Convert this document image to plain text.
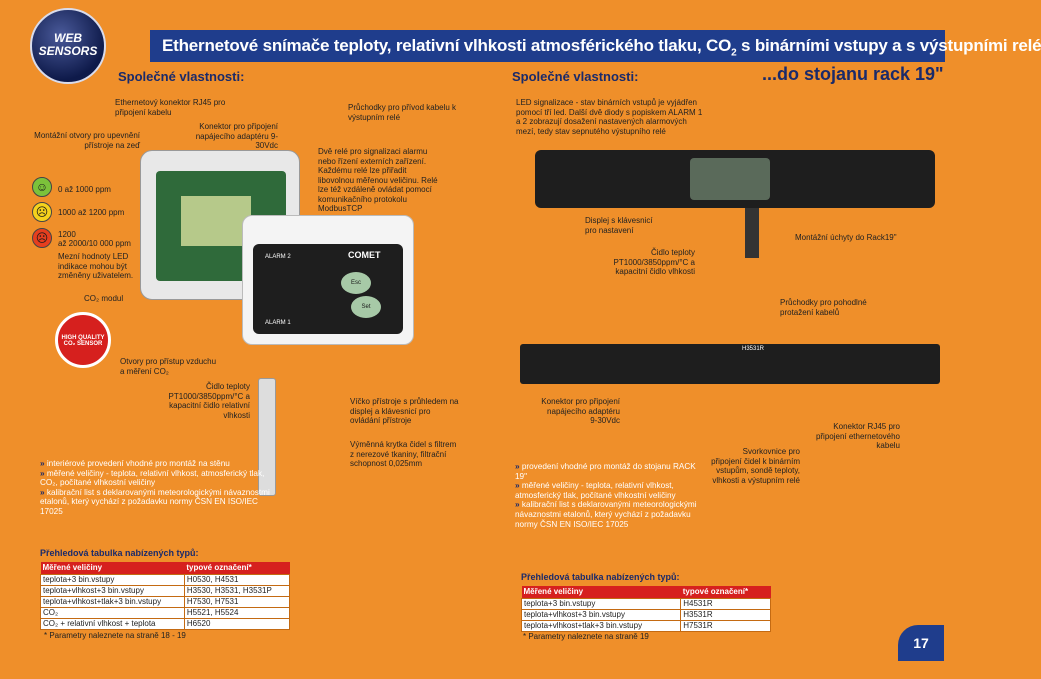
WEB
SENSORS	Ethernetové snímače teploty, relativní vlhkosti atmosférického tlaku, $CO_2$ s binárními vstupy a s výstupními relé
Společné vlastnosti:	Společné vlastnosti:	...do stojanu rack 19"
Ethernetový konektor RJ45 pro připojení kabelu
Konektor pro připojení napájecího adaptéru 9-30Vdc
Průchodky pro přívod kabelu k výstupním relé
Montážní otvory pro upevnění přístroje na zeď
☺	0 až 1000 ppm
☹	1000 až 1200 ppm
☹	1200
až 2000/10 000 ppm
Mezní hodnoty LED indikace mohou být změněny uživatelem.
Dvě relé pro signalizaci alarmu nebo řízení externích zařízení. Každému relé lze přiřadit libovolnou měřenou veličinu. Relé lze též vzdáleně ovládat pomocí komunikačního protokolu ModbusTCP
CO₂ modul
HIGH QUALITY CO₂ SENSOR
Otvory pro přístup vzduchu a měření CO₂
Čidlo teploty PT1000/3850ppm/°C a kapacitní čidlo relativní vlhkosti
Víčko přístroje s průhledem na displej a klávesnicí pro ovládání přístroje
Výměnná krytka čidel s filtrem z nerezové tkaniny, filtrační schopnost 0,025mm
ALARM 2
ALARM 1
COMET
Esc
Set
» interiérové provedení vhodné pro montáž na stěnu
» měřené veličiny - teplota, relativní vlhkost, atmosferický tlak, CO₂, počítané vlhkostní veličiny
» kalibrační list s deklarovanými meteorologickými návaznostmi etalonů, který vychází z požadavku normy ČSN EN ISO/IEC 17025
Přehledová tabulka nabízených typů:
Měřené veličiny	typové označení*
teplota+3 bin.vstupy	H0530, H4531
teplota+vlhkost+3 bin.vstupy	H3530, H3531, H3531P
teplota+vlhkost+tlak+3 bin.vstupy	H7530, H7531
CO₂	H5521, H5524
CO₂ + relativní vlhkost + teplota	H6520
* Parametry naleznete na straně 18 - 19
LED signalizace - stav binárních vstupů je vyjádřen pomocí tří led. Další dvě diody s popiskem ALARM 1 a 2 zobrazují dosažení nastavených alarmových mezí, tedy stav sepnutého výstupního relé
Displej s klávesnicí pro nastavení
Montážní úchyty do Rack19"
Čidlo teploty PT1000/3850ppm/°C a kapacitní čidlo vlhkosti
Průchodky pro pohodlné protažení kabelů
Konektor pro připojení napájecího adaptéru 9-30Vdc
Konektor RJ45 pro připojení ethernetového kabelu
Svorkovnice pro připojení čidel k binárním vstupům, sondě teploty, vlhkosti a výstupním relé
H3531R
» provedení vhodné pro montáž do stojanu RACK 19"
» měřené veličiny - teplota, relativní vlhkost, atmosferický tlak, počítané vlhkostní veličiny
» kalibrační list s deklarovanými meteorologickými návaznostmi etalonů, který vychází z požadavku normy ČSN EN ISO/IEC 17025
Přehledová tabulka nabízených typů:
Měřené veličiny	typové označení*
teplota+3 bin.vstupy	H4531R
teplota+vlhkost+3 bin.vstupy	H3531R
teplota+vlhkost+tlak+3 bin.vstupy	H7531R
* Parametry naleznete na straně 19	17
